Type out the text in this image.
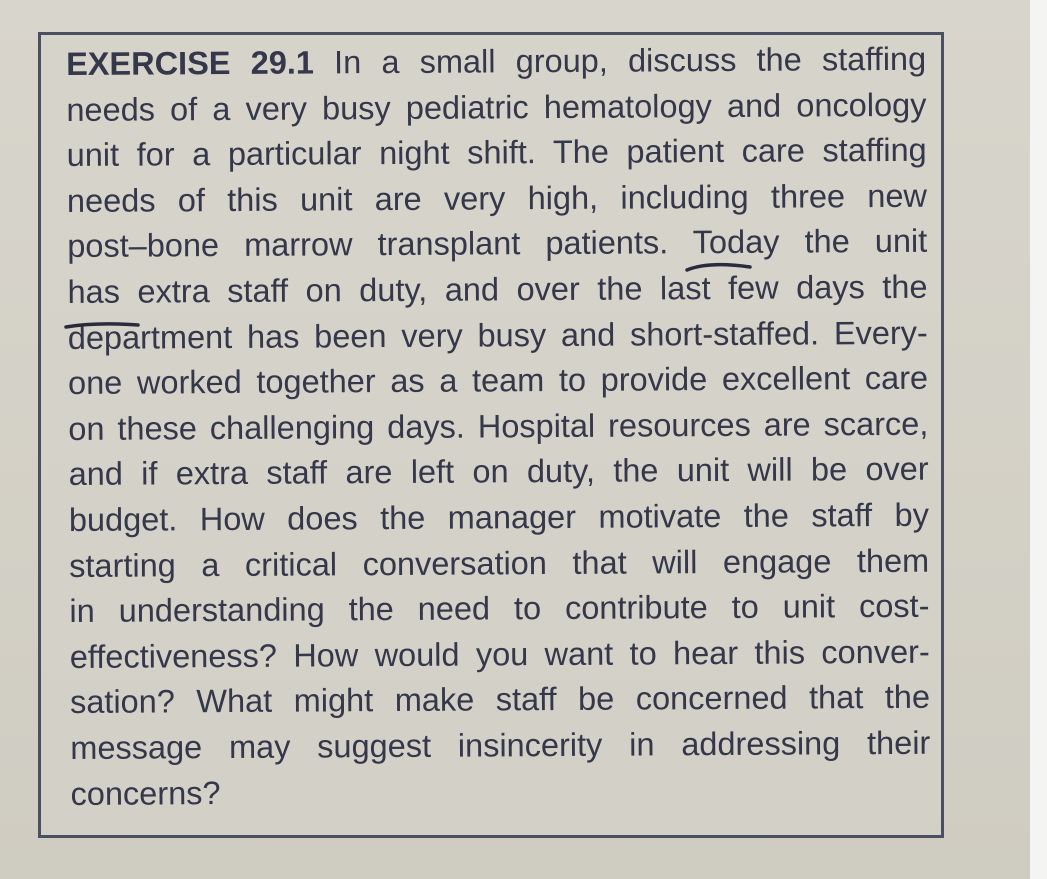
EXERCISE 29.1 In a small group, discuss the staffing
needs of a very busy pediatric hematology and oncology
unit for a particular night shift. The patient care staffing
needs of this unit are very high, including three new
post–bone marrow transplant patients. Today the unit
has extra staff on duty, and over the last few days the
department has been very busy and short-staffed. Every-
one worked together as a team to provide excellent care
on these challenging days. Hospital resources are scarce,
and if extra staff are left on duty, the unit will be over
budget. How does the manager motivate the staff by
starting a critical conversation that will engage them
in understanding the need to contribute to unit cost-
effectiveness? How would you want to hear this conver-
sation? What might make staff be concerned that the
message may suggest insincerity in addressing their
concerns?
